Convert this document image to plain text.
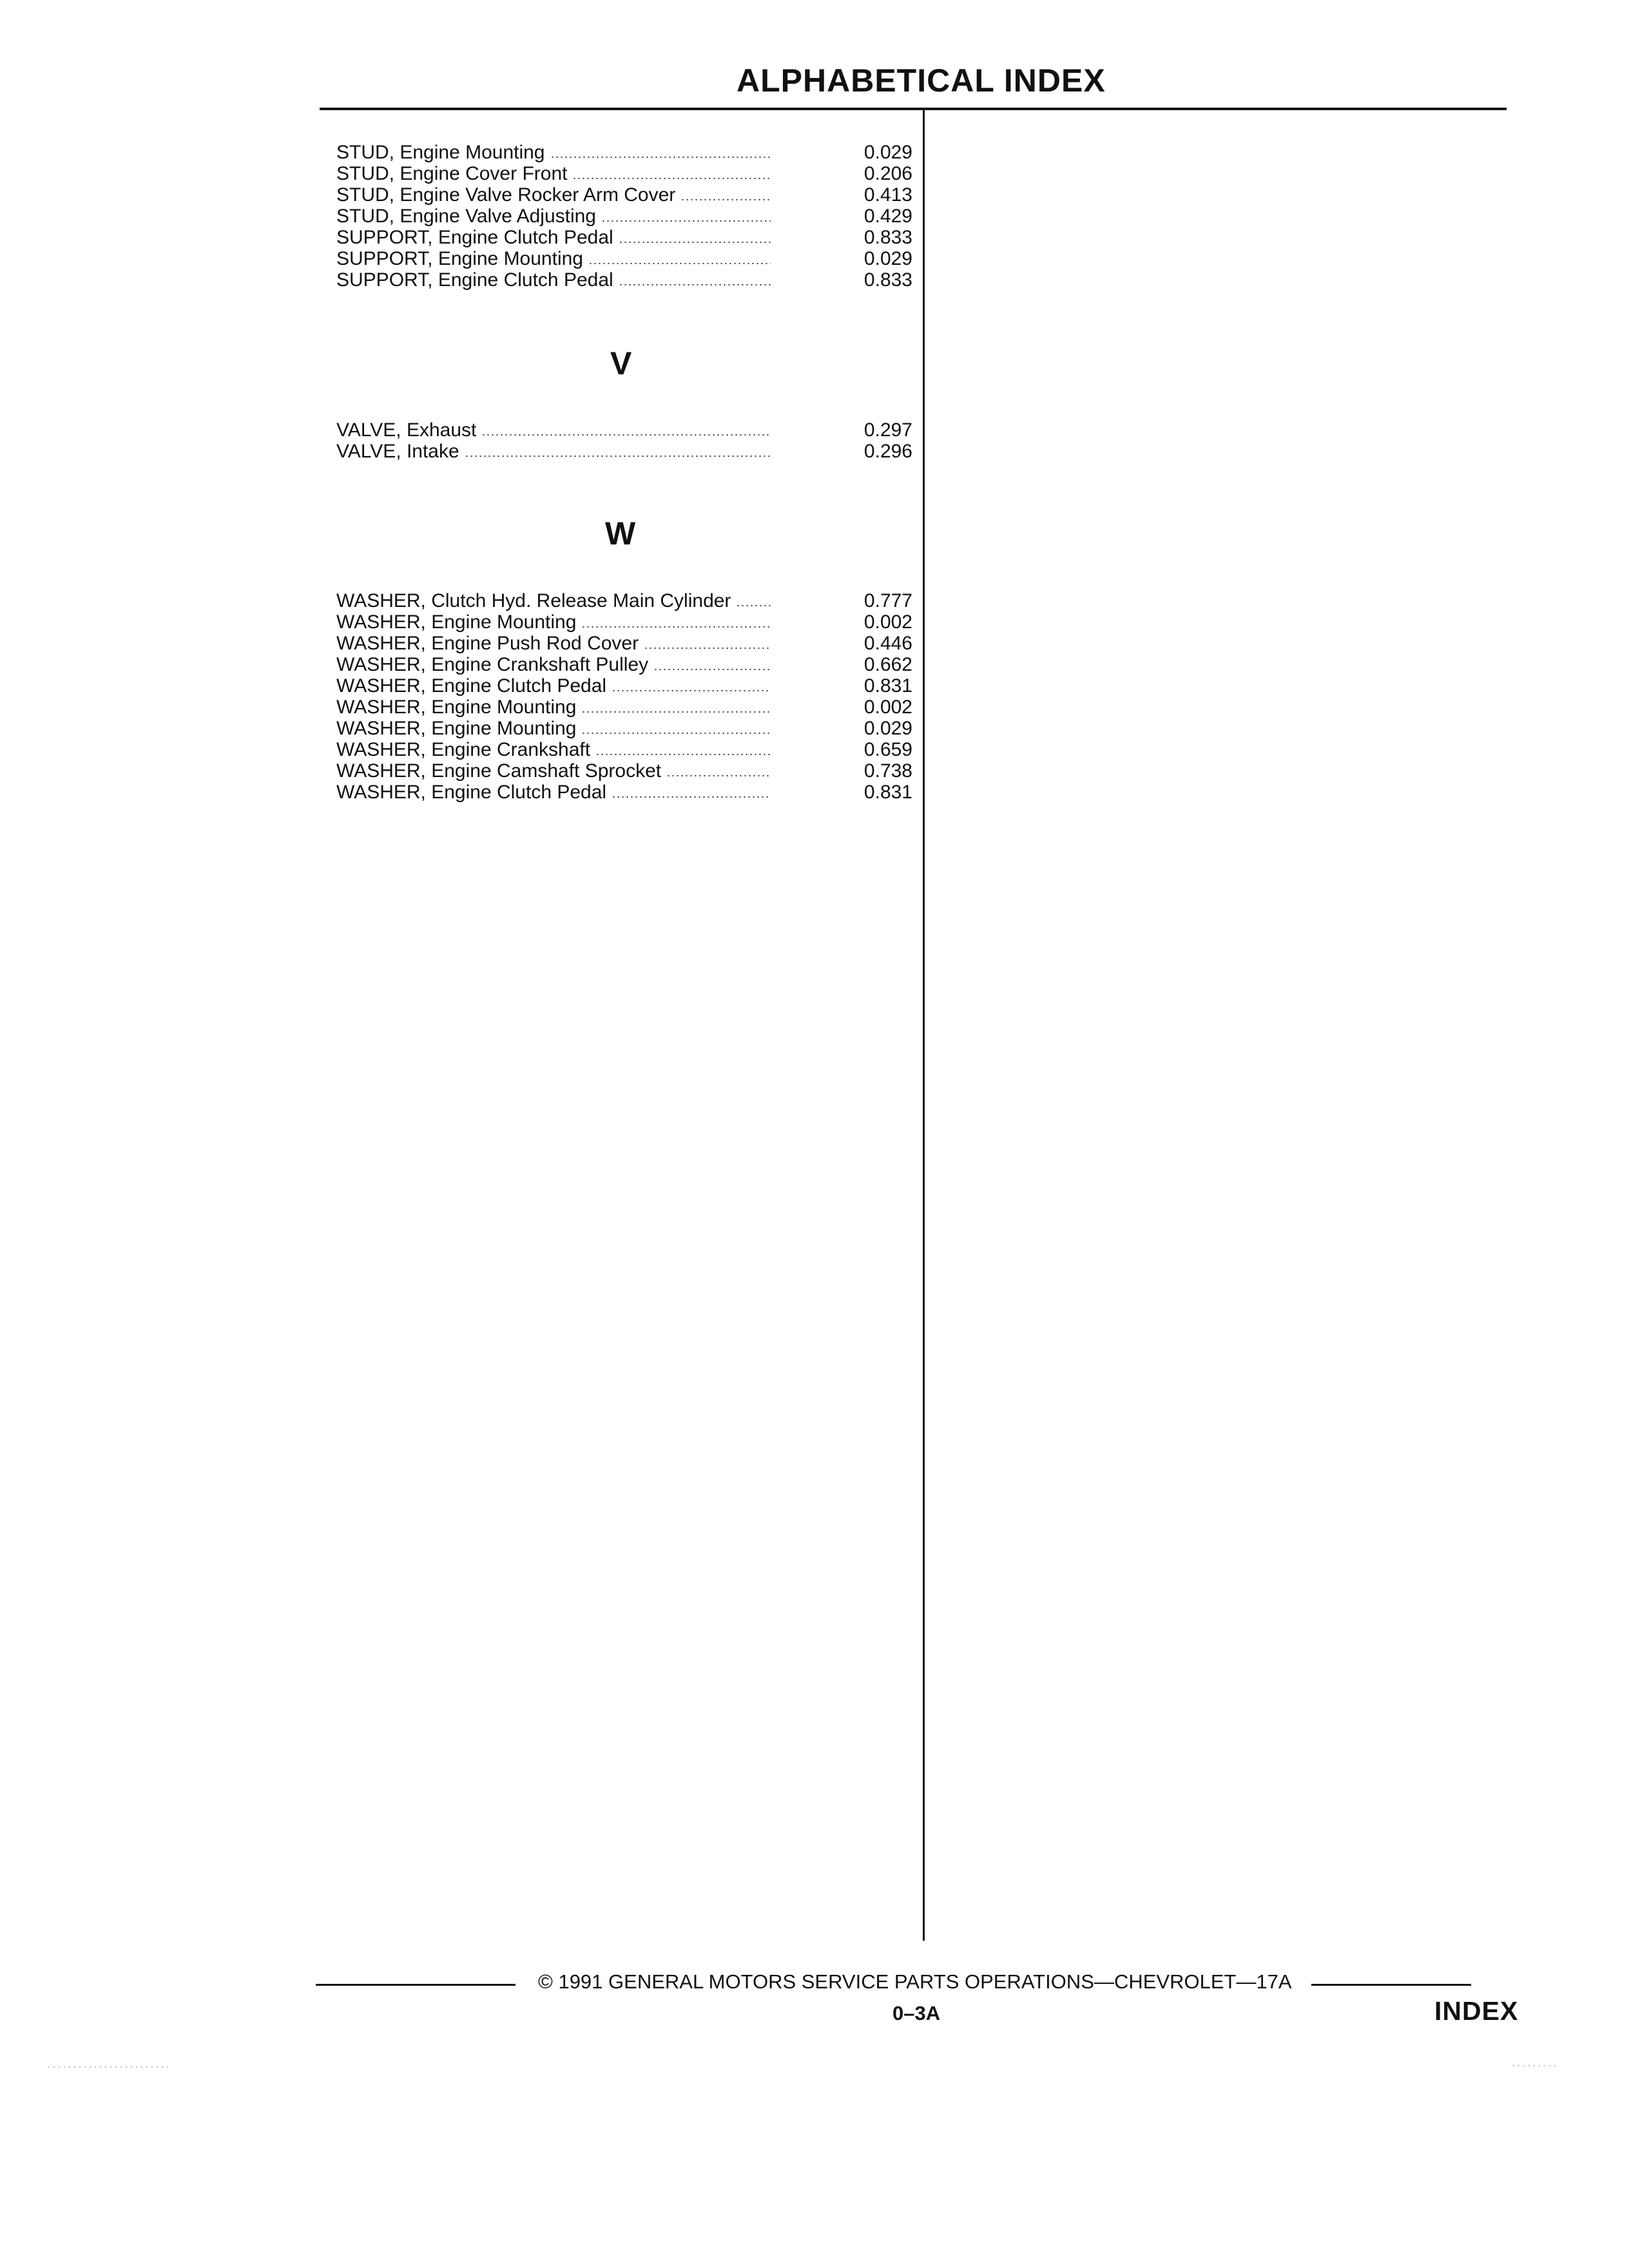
ALPHABETICAL INDEX
STUD, Engine Mounting	0.029
STUD, Engine Cover Front	0.206
STUD, Engine Valve Rocker Arm Cover	0.413
STUD, Engine Valve Adjusting	0.429
SUPPORT, Engine Clutch Pedal	0.833
SUPPORT, Engine Mounting	0.029
SUPPORT, Engine Clutch Pedal	0.833
V
VALVE, Exhaust	0.297
VALVE, Intake	0.296
W
WASHER, Clutch Hyd. Release Main Cylinder	0.777
WASHER, Engine Mounting	0.002
WASHER, Engine Push Rod Cover	0.446
WASHER, Engine Crankshaft Pulley	0.662
WASHER, Engine Clutch Pedal	0.831
WASHER, Engine Mounting	0.002
WASHER, Engine Mounting	0.029
WASHER, Engine Crankshaft	0.659
WASHER, Engine Camshaft Sprocket	0.738
WASHER, Engine Clutch Pedal	0.831
© 1991 GENERAL MOTORS SERVICE PARTS OPERATIONS—CHEVROLET—17A
0–3A	INDEX
